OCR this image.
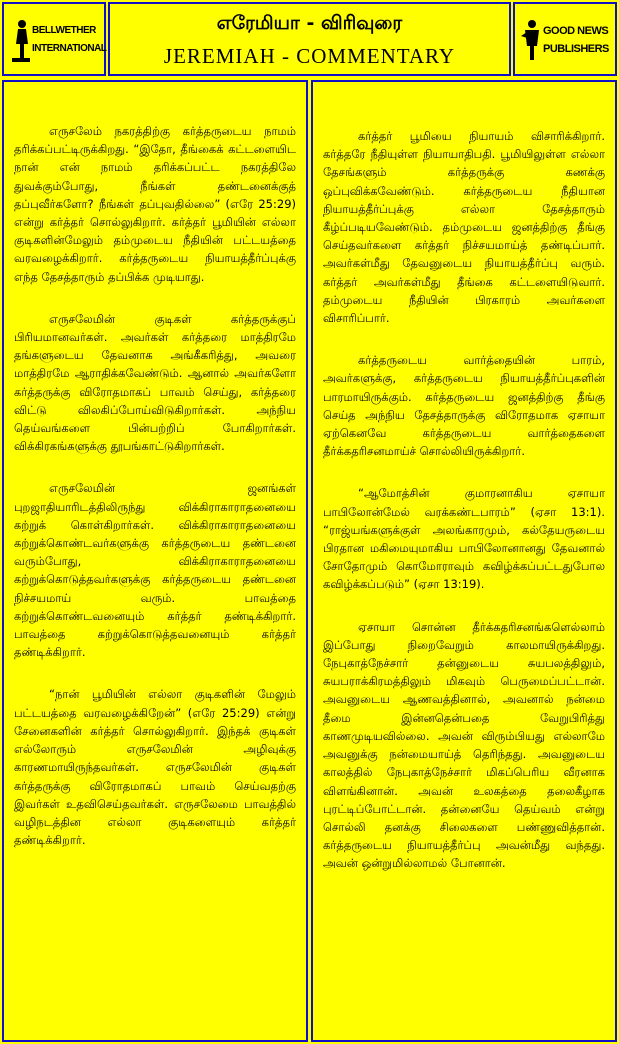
BELLWETHER INTERNATIONAL
எரேமியா - விரிவுரை
JEREMIAH - COMMENTARY
GOOD NEWS PUBLISHERS

எருசலேம் நகரத்திற்கு கர்த்தருடைய நாமம் தரிக்கப்பட்டிருக்கிறது. “இதோ, தீங்கைக் கட்டளையிட நான் என் நாமம் தரிக்கப்பட்ட நகரத்திலே துவக்கும்போது, நீங்கள் தண்டனைக்குத் தப்புவீர்களோ? நீங்கள் தப்புவதில்லை” (எரே 25:29) என்று கர்த்தர் சொல்லுகிறார். கர்த்தர் பூமியின் எல்லா குடிகளின்மேலும் தம்முடைய நீதியின் பட்டயத்தை வரவழைக்கிறார். கர்த்தருடைய நியாயத்தீர்ப்புக்கு எந்த தேசத்தாரும் தப்பிக்க முடியாது.

எருசலேமின் குடிகள் கர்த்தருக்குப் பிரியமானவர்கள். அவர்கள் கர்த்தரை மாத்திரமே தங்களுடைய தேவனாக அங்கீகரித்து, அவரை மாத்திரமே ஆராதிக்கவேண்டும். ஆனால் அவர்களோ கர்த்தருக்கு விரோதமாகப் பாவம் செய்து, கர்த்தரை விட்டு விலகிப்போய்விடுகிறார்கள். அந்நிய தெய்வங்களை பின்பற்றிப் போகிறார்கள். விக்கிரகங்களுக்கு தூபங்காட்டுகிறார்கள்.

எருசலேமின் ஜனங்கள் புறஜாதியாரிடத்திலிருந்து விக்கிராகாராதனையை கற்றுக் கொள்கிறார்கள். விக்கிராகாராதனையை கற்றுக்கொண்டவர்களுக்கு கர்த்தருடைய தண்டனை வரும்போது, விக்கிராகாராதனையை கற்றுக்கொடுத்தவர்களுக்கு கர்த்தருடைய தண்டனை நிச்சயமாய் வரும். பாவத்தை கற்றுக்கொண்டவனையும் கர்த்தர் தண்டிக்கிறார். பாவத்தை கற்றுக்கொடுத்தவனையும் கர்த்தர் தண்டிக்கிறார்.

“நான் பூமியின் எல்லா குடிகளின் மேலும் பட்டயத்தை வரவழைக்கிறேன்” (எரே 25:29) என்று சேனைகளின் கர்த்தர் சொல்லுகிறார். இந்தக் குடிகள் எல்லோரும் எருசலேமின் அழிவுக்கு காரணமாயிருந்தவர்கள். எருசலேமின் குடிகள் கர்த்தருக்கு விரோதமாகப் பாவம் செய்வதற்கு இவர்கள் உதவிசெய்தவர்கள். எருசலேமை பாவத்தில் வழிநடத்தின எல்லா குடிகளையும் கர்த்தர் தண்டிக்கிறார்.

கர்த்தர் பூமியை நியாயம் விசாரிக்கிறார். கர்த்தரே நீதியுள்ள நியாயாதிபதி. பூமியிலுள்ள எல்லா தேசங்களும் கர்த்தருக்கு கணக்கு ஒப்புவிக்கவேண்டும். கர்த்தருடைய நீதியான நியாயத்தீர்ப்புக்கு எல்லா தேசத்தாரும் கீழ்ப்படியவேண்டும். தம்முடைய ஜனத்திற்கு தீங்கு செய்தவர்களை கர்த்தர் நிச்சயமாய்த் தண்டிப்பார். அவர்கள்மீது தேவனுடைய நியாயத்தீர்ப்பு வரும். கர்த்தர் அவர்கள்மீது தீங்கை கட்டளையிடுவார். தம்முடைய நீதியின் பிரகாரம் அவர்களை விசாரிப்பார்.

கர்த்தருடைய வார்த்தையின் பாரம், அவர்களுக்கு, கர்த்தருடைய நியாயத்தீர்ப்புகளின் பாரமாயிருக்கும். கர்த்தருடைய ஜனத்திற்கு தீங்கு செய்த அந்நிய தேசத்தாருக்கு விரோதமாக ஏசாயா ஏற்கெனவே கர்த்தருடைய வார்த்தைகளை தீர்க்கதரிசனமாய்ச் சொல்லியிருக்கிறார்.

“ஆமோத்சின் குமாரனாகிய ஏசாயா பாபிலோன்மேல் வரக்கண்டபாரம்” (ஏசா 13:1). “ராஜ்யங்களுக்குள் அலங்காரமும், கல்தேயருடைய பிரதான மகிமையுமாகிய பாபிலோனானது தேவனால் சோதோமும் கொமோராவும் கவிழ்க்கப்பட்டதுபோல கவிழ்க்கப்படும்” (ஏசா 13:19).

ஏசாயா சொன்ன தீர்க்கதரிசனங்களெல்லாம் இப்போது நிறைவேறும் காலமாயிருக்கிறது. நேபுகாத்நேச்சார் தன்னுடைய சுயபலத்திலும், சுயபராக்கிரமத்திலும் மிகவும் பெருமைப்பட்டான். அவனுடைய ஆணவத்தினால், அவனால் நன்மை தீமை இன்னதென்பதை வேறுபிரித்து காணமுடியவில்லை. அவன் விரும்பியது எல்லாமே அவனுக்கு நன்மையாய்த் தெரிந்தது. அவனுடைய காலத்தில் நேபுகாத்நேச்சார் மிகப்பெரிய வீரனாக விளங்கினான். அவன் உலகத்தை தலைகீழாக புரட்டிப்போட்டான். தன்னையே தெய்வம் என்று சொல்லி தனக்கு சிலைகளை பண்ணுவித்தான். கர்த்தருடைய நியாயத்தீர்ப்பு அவன்மீது வந்தது. அவன் ஒன்றுமில்லாமல் போனான்.
